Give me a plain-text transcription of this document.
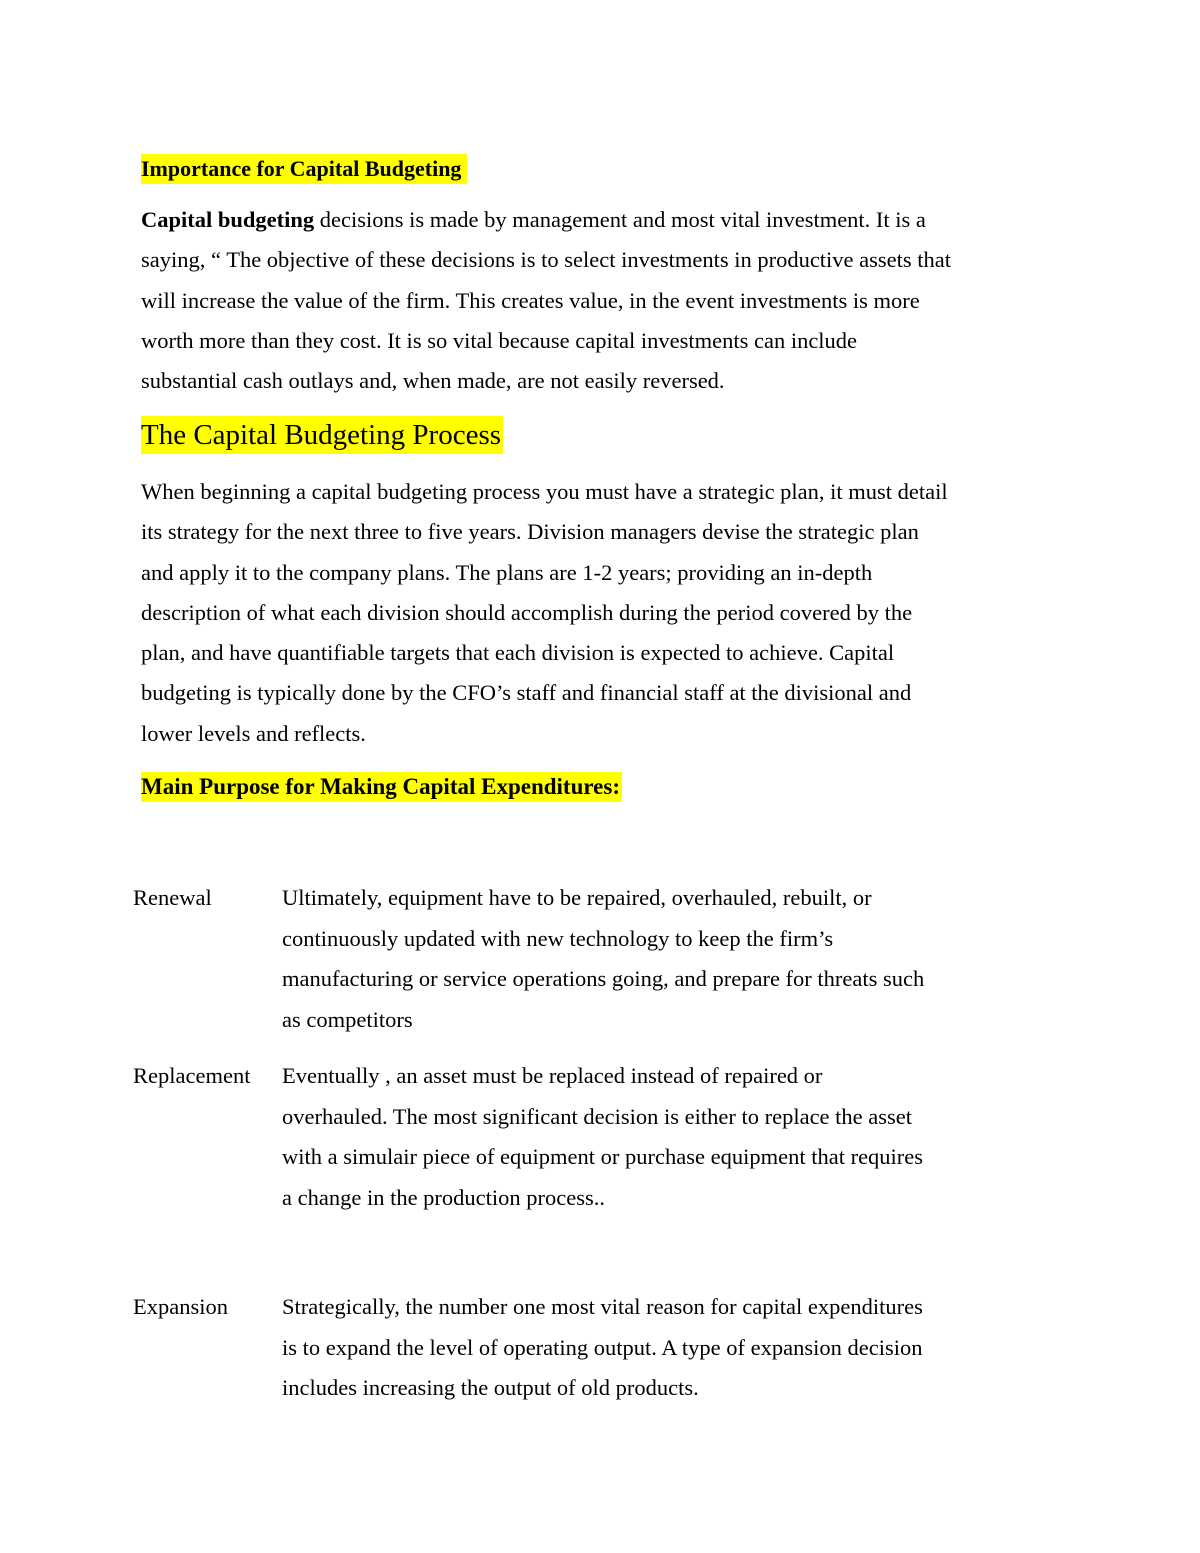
Importance for Capital Budgeting
Capital budgeting decisions is made by management and most vital investment. It is a
saying, “ The objective of these decisions is to select investments in productive assets that
will increase the value of the firm. This creates value, in the event investments is more
worth more than they cost. It is so vital because capital investments can include
substantial cash outlays and, when made, are not easily reversed.
The Capital Budgeting Process
When beginning a capital budgeting process you must have a strategic plan, it must detail
its strategy for the next three to five years. Division managers devise the strategic plan
and apply it to the company plans. The plans are 1-2 years; providing an in-depth
description of what each division should accomplish during the period covered by the
plan, and have quantifiable targets that each division is expected to achieve. Capital
budgeting is typically done by the CFO’s staff and financial staff at the divisional and
lower levels and reflects.
Main Purpose for Making Capital Expenditures:
Renewal	Ultimately, equipment have to be repaired, overhauled, rebuilt, or
continuously updated with new technology to keep the firm’s
manufacturing or service operations going, and prepare for threats such
as competitors
Replacement Eventually , an asset must be replaced instead of repaired or
overhauled. The most significant decision is either to replace the asset
with a simulair piece of equipment or purchase equipment that requires
a change in the production process..
Expansion Strategically, the number one most vital reason for capital expenditures
is to expand the level of operating output. A type of expansion decision
includes increasing the output of old products.
